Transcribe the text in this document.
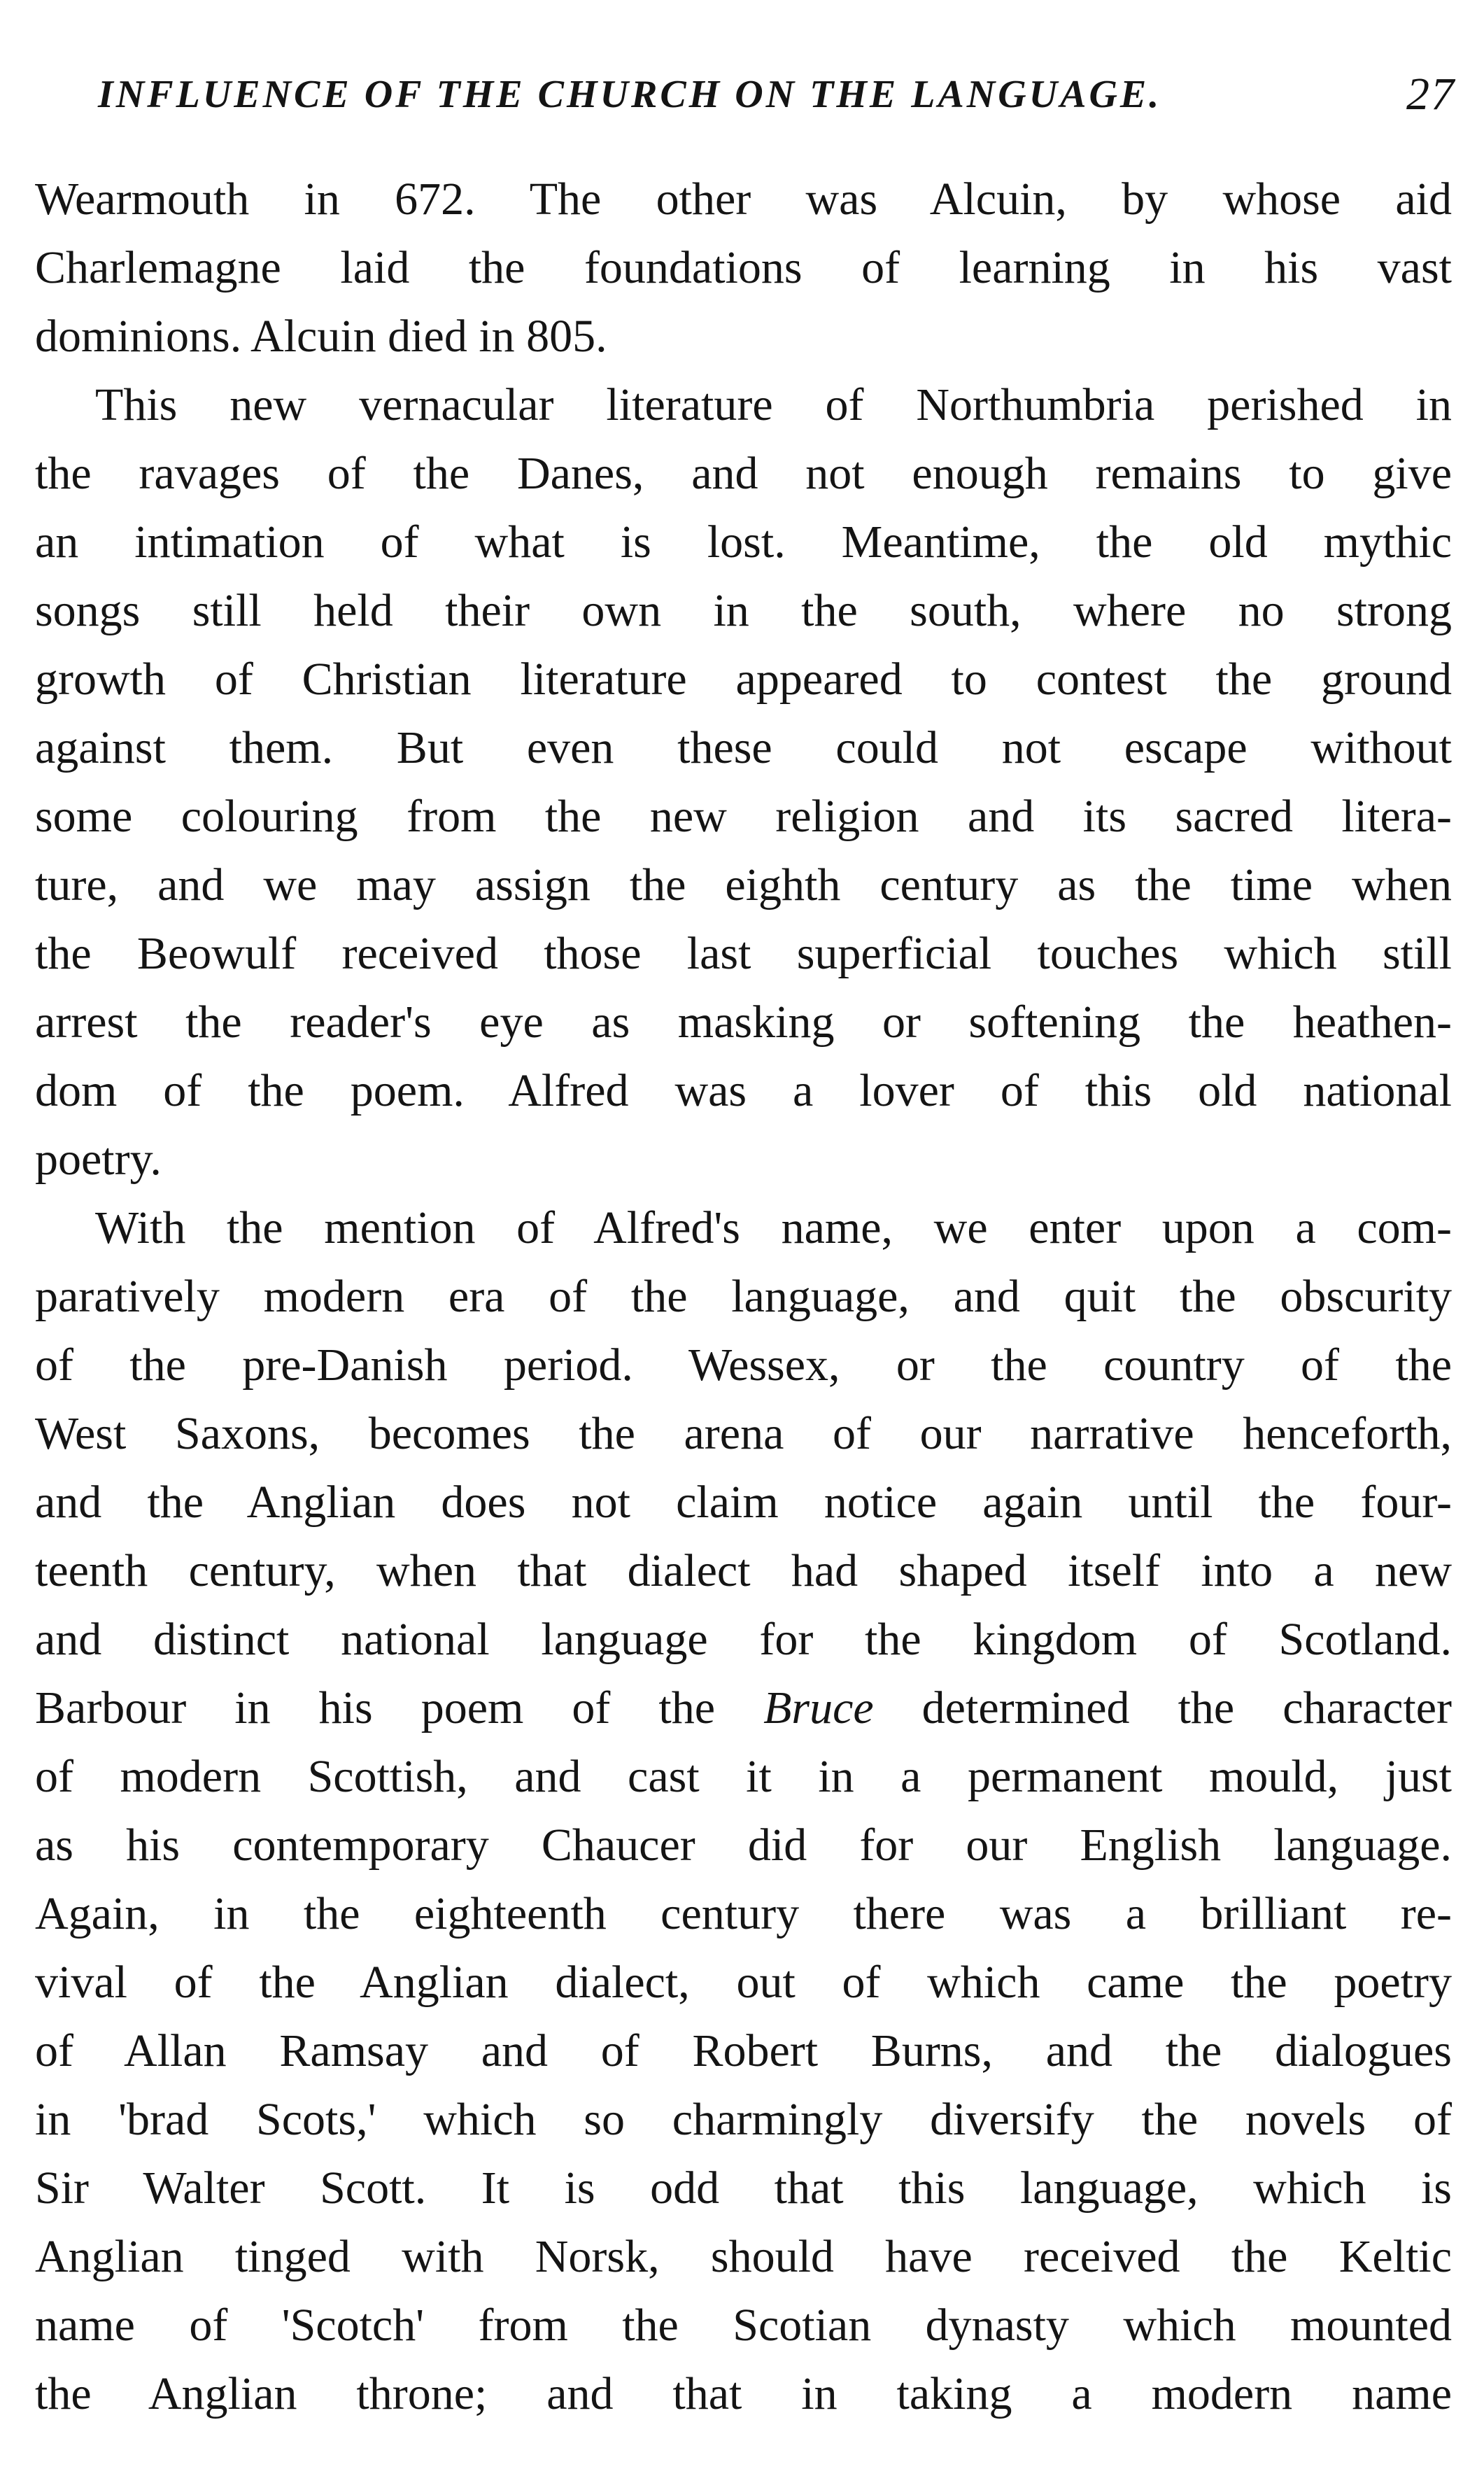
INFLUENCE OF THE CHURCH ON THE LANGUAGE.	27
Wearmouth in 672. The other was Alcuin, by whose aid
Charlemagne laid the foundations of learning in his vast
dominions. Alcuin died in 805.
This new vernacular literature of Northumbria perished in
the ravages of the Danes, and not enough remains to give
an intimation of what is lost. Meantime, the old mythic
songs still held their own in the south, where no strong
growth of Christian literature appeared to contest the ground
against them. But even these could not escape without
some colouring from the new religion and its sacred litera-
ture, and we may assign the eighth century as the time when
the Beowulf received those last superficial touches which still
arrest the reader's eye as masking or softening the heathen-
dom of the poem. Alfred was a lover of this old national
poetry.
With the mention of Alfred's name, we enter upon a com-
paratively modern era of the language, and quit the obscurity
of the pre-Danish period. Wessex, or the country of the
West Saxons, becomes the arena of our narrative henceforth,
and the Anglian does not claim notice again until the four-
teenth century, when that dialect had shaped itself into a new
and distinct national language for the kingdom of Scotland.
Barbour in his poem of the Bruce determined the character
of modern Scottish, and cast it in a permanent mould, just
as his contemporary Chaucer did for our English language.
Again, in the eighteenth century there was a brilliant re-
vival of the Anglian dialect, out of which came the poetry
of Allan Ramsay and of Robert Burns, and the dialogues
in 'brad Scots,' which so charmingly diversify the novels of
Sir Walter Scott. It is odd that this language, which is
Anglian tinged with Norsk, should have received the Keltic
name of 'Scotch' from the Scotian dynasty which mounted
the Anglian throne; and that in taking a modern name
